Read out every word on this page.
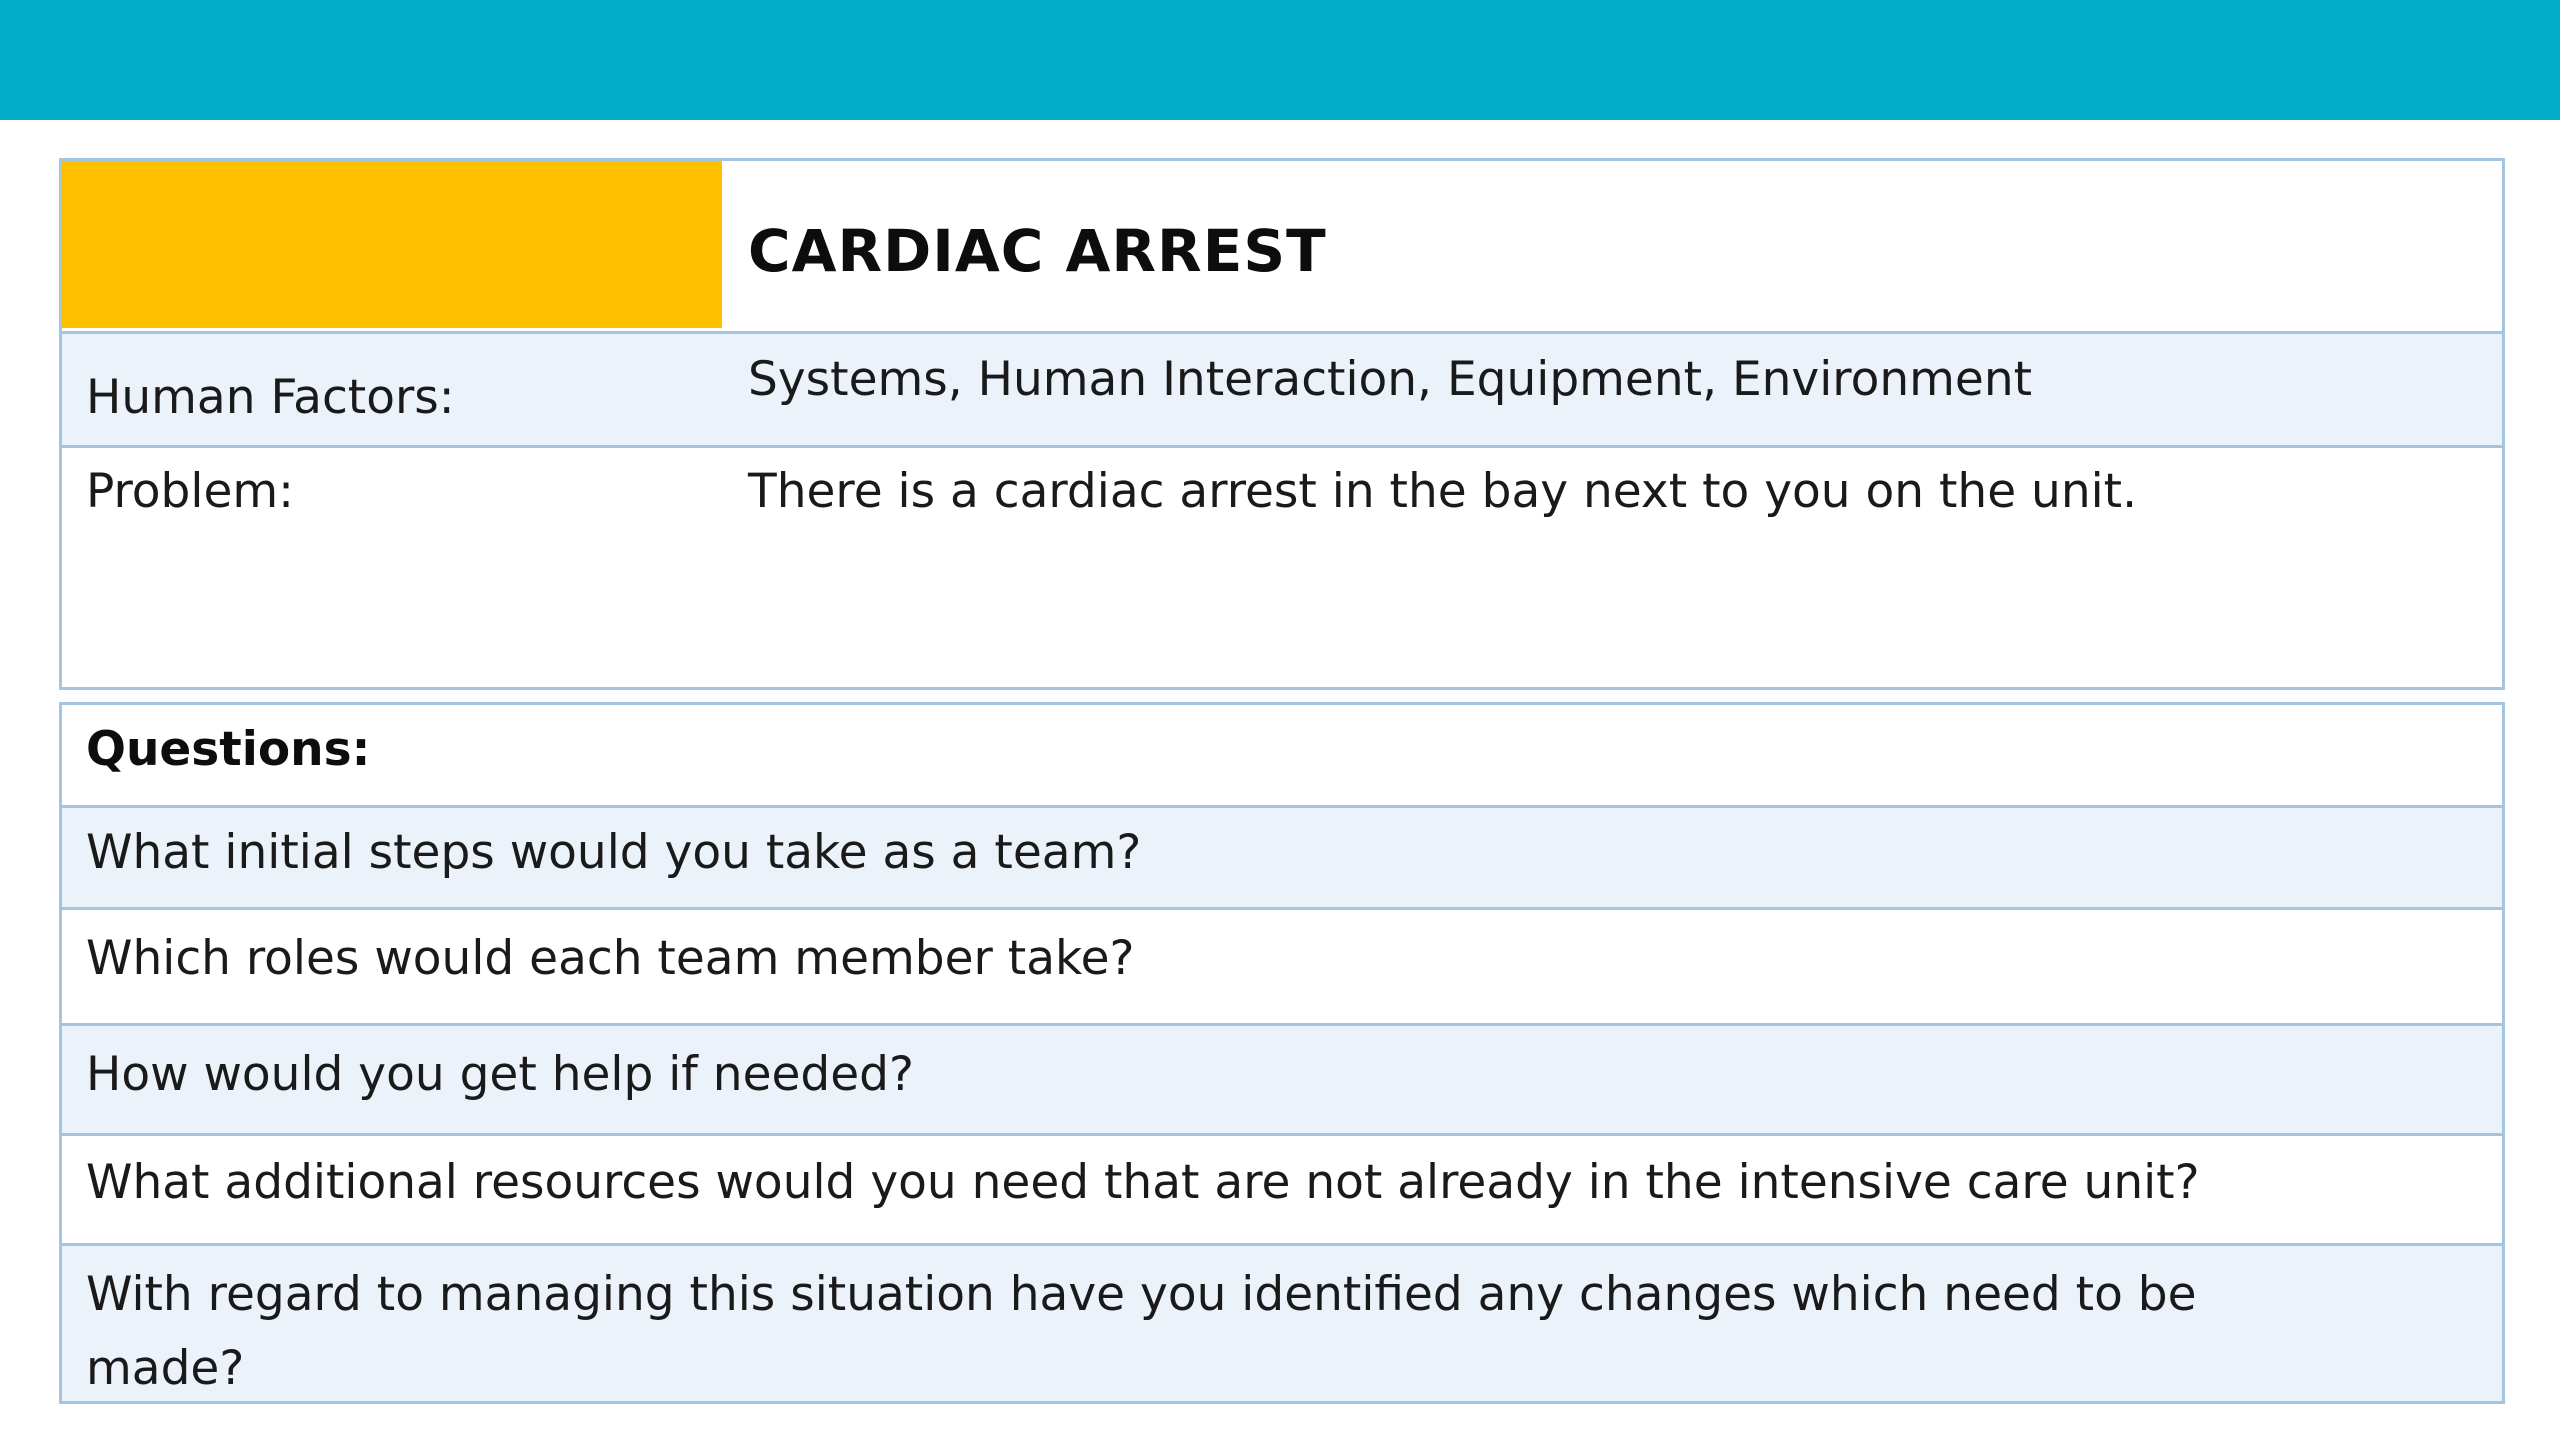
CARDIAC ARREST
Human Factors:	Systems, Human Interaction, Equipment, Environment
Problem:	There is a cardiac arrest in the bay next to you on the unit.
Questions:
What initial steps would you take as a team?
Which roles would each team member take?
How would you get help if needed?
What additional resources would you need that are not already in the intensive care unit?
With regard to managing this situation have you identified any changes which need to be made?
